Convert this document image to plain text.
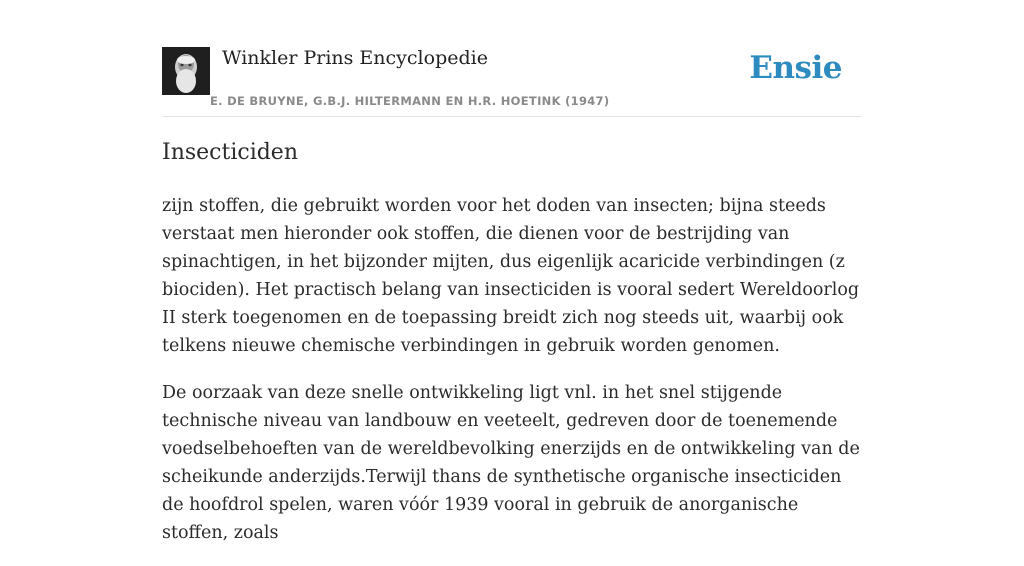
Winkler Prins Encyclopedie
E. DE BRUYNE, G.B.J. HILTERMANN EN H.R. HOETINK (1947)
Ensie
Insecticiden

zijn stoffen, die gebruikt worden voor het doden van insecten; bijna steeds verstaat men hieronder ook stoffen, die dienen voor de bestrijding van spinachtigen, in het bijzonder mijten, dus eigenlijk acaricide verbindingen (z biociden). Het practisch belang van insecticiden is vooral sedert Wereldoorlog II sterk toegenomen en de toepassing breidt zich nog steeds uit, waarbij ook telkens nieuwe chemische verbindingen in gebruik worden genomen.

De oorzaak van deze snelle ontwikkeling ligt vnl. in het snel stijgende technische niveau van landbouw en veeteelt, gedreven door de toenemende voedselbehoeften van de wereldbevolking enerzijds en de ontwikkeling van de scheikunde anderzijds.Terwijl thans de synthetische organische insecticiden de hoofdrol spelen, waren vóór 1939 vooral in gebruik de anorganische stoffen, zoals
